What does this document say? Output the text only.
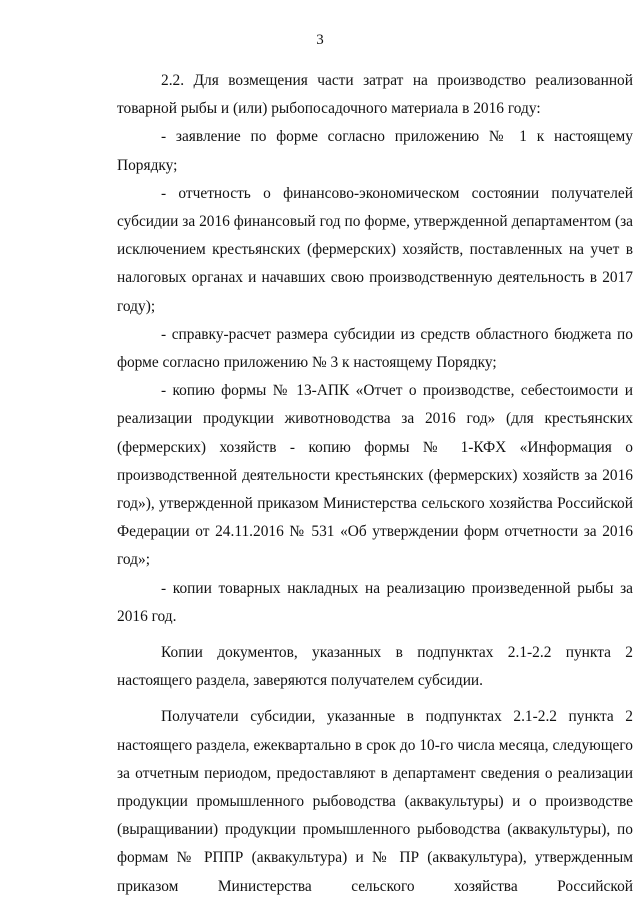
3

2.2. Для возмещения части затрат на производство реализованной товарной рыбы и (или) рыбопосадочного материала в 2016 году:

- заявление по форме согласно приложению № 1 к настоящему Порядку;

- отчетность о финансово-экономическом состоянии получателей субсидии за 2016 финансовый год по форме, утвержденной департаментом (за исключением крестьянских (фермерских) хозяйств, поставленных на учет в налоговых органах и начавших свою производственную деятельность в 2017 году);

- справку-расчет размера субсидии из средств областного бюджета по форме согласно приложению № 3 к настоящему Порядку;

- копию формы № 13-АПК «Отчет о производстве, себестоимости и реализации продукции животноводства за 2016 год» (для крестьянских (фермерских) хозяйств - копию формы № 1-КФХ «Информация о производственной деятельности крестьянских (фермерских) хозяйств за 2016 год»), утвержденной приказом Министерства сельского хозяйства Российской Федерации от 24.11.2016 № 531 «Об утверждении форм отчетности за 2016 год»;

- копии товарных накладных на реализацию произведенной рыбы за 2016 год.

Копии документов, указанных в подпунктах 2.1-2.2 пункта 2 настоящего раздела, заверяются получателем субсидии.

Получатели субсидии, указанные в подпунктах 2.1-2.2 пункта 2 настоящего раздела, ежеквартально в срок до 10-го числа месяца, следующего за отчетным периодом, предоставляют в департамент сведения о реализации продукции промышленного рыбоводства (аквакультуры) и о производстве (выращивании) продукции промышленного рыбоводства (аквакультуры), по формам № РППР (аквакультура) и № ПР (аквакультура), утвержденным приказом Министерства сельского хозяйства Российской
